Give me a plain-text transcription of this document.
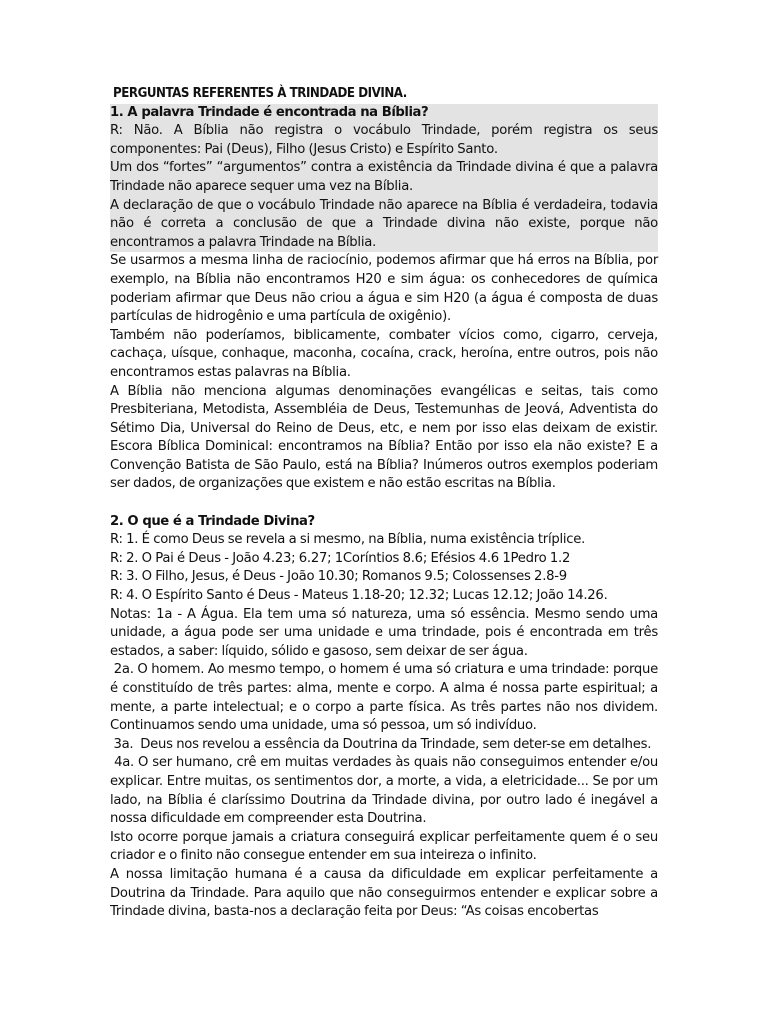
PERGUNTAS REFERENTES À TRINDADE DIVINA.
1. A palavra Trindade é encontrada na Bíblia?
R: Não. A Bíblia não registra o vocábulo Trindade, porém registra os seus componentes: Pai (Deus), Filho (Jesus Cristo) e Espírito Santo.
Um dos “fortes” “argumentos” contra a existência da Trindade divina é que a palavra Trindade não aparece sequer uma vez na Bíblia.
A declaração de que o vocábulo Trindade não aparece na Bíblia é verdadeira, todavia não é correta a conclusão de que a Trindade divina não existe, porque não encontramos a palavra Trindade na Bíblia.
Se usarmos a mesma linha de raciocínio, podemos afirmar que há erros na Bíblia, por exemplo, na Bíblia não encontramos H20 e sim água: os conhecedores de química poderiam afirmar que Deus não criou a água e sim H20 (a água é composta de duas partículas de hidrogênio e uma partícula de oxigênio).
Também não poderíamos, biblicamente, combater vícios como, cigarro, cerveja, cachaça, uísque, conhaque, maconha, cocaína, crack, heroína, entre outros, pois não encontramos estas palavras na Bíblia.
A Bíblia não menciona algumas denominações evangélicas e seitas, tais como Presbiteriana, Metodista, Assembléia de Deus, Testemunhas de Jeová, Adventista do Sétimo Dia, Universal do Reino de Deus, etc, e nem por isso elas deixam de existir. Escora Bíblica Dominical: encontramos na Bíblia? Então por isso ela não existe? E a Convenção Batista de São Paulo, está na Bíblia? Inúmeros outros exemplos poderiam ser dados, de organizações que existem e não estão escritas na Bíblia.
2. O que é a Trindade Divina?
R: 1. É como Deus se revela a si mesmo, na Bíblia, numa existência tríplice.
R: 2. O Pai é Deus - João 4.23; 6.27; 1Coríntios 8.6; Efésios 4.6 1Pedro 1.2
R: 3. O Filho, Jesus, é Deus - João 10.30; Romanos 9.5; Colossenses 2.8-9
R: 4. O Espírito Santo é Deus - Mateus 1.18-20; 12.32; Lucas 12.12; João 14.26.
Notas: 1a - A Água. Ela tem uma só natureza, uma só essência. Mesmo sendo uma unidade, a água pode ser uma unidade e uma trindade, pois é encontrada em três estados, a saber: líquido, sólido e gasoso, sem deixar de ser água.
2a. O homem. Ao mesmo tempo, o homem é uma só criatura e uma trindade: porque é constituído de três partes: alma, mente e corpo. A alma é nossa parte espiritual; a mente, a parte intelectual; e o corpo a parte física. As três partes não nos dividem. Continuamos sendo uma unidade, uma só pessoa, um só indivíduo.
3a.  Deus nos revelou a essência da Doutrina da Trindade, sem deter-se em detalhes.
4a. O ser humano, crê em muitas verdades às quais não conseguimos entender e/ou explicar. Entre muitas, os sentimentos dor, a morte, a vida, a eletricidade... Se por um lado, na Bíblia é claríssimo Doutrina da Trindade divina, por outro lado é inegável a nossa dificuldade em compreender esta Doutrina.
Isto ocorre porque jamais a criatura conseguirá explicar perfeitamente quem é o seu criador e o finito não consegue entender em sua inteireza o infinito.
A nossa limitação humana é a causa da dificuldade em explicar perfeitamente a Doutrina da Trindade. Para aquilo que não conseguirmos entender e explicar sobre a Trindade divina, basta-nos a declaração feita por Deus: “As coisas encobertas
